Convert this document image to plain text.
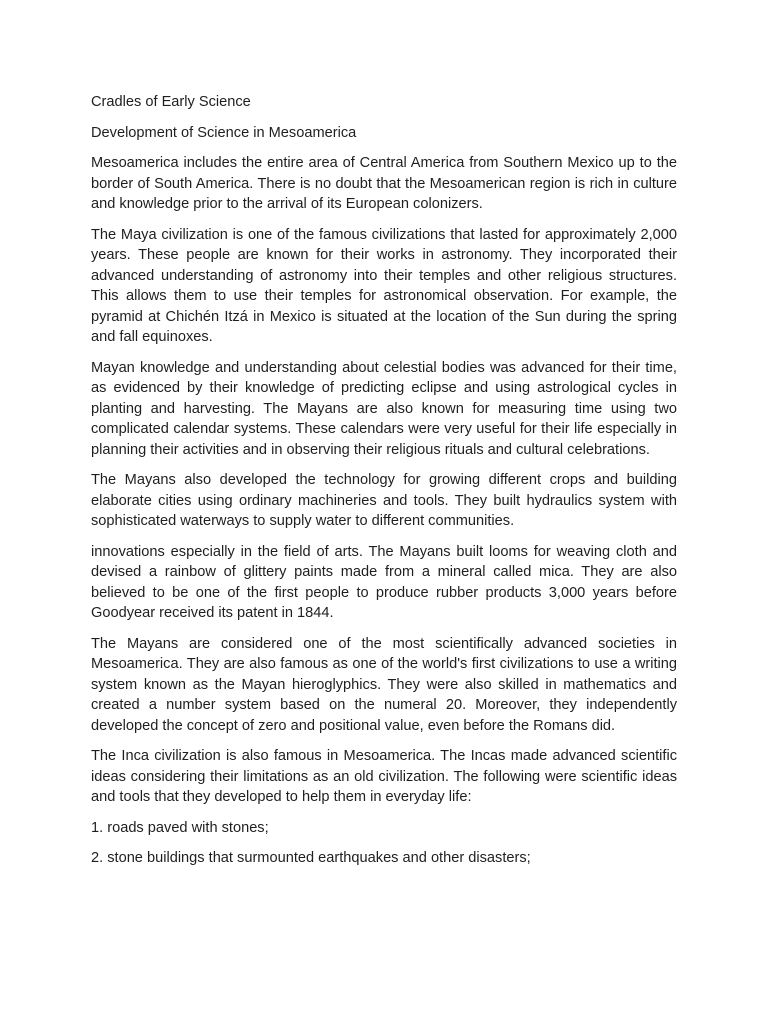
Cradles of Early Science

Development of Science in Mesoamerica

Mesoamerica includes the entire area of Central America from Southern Mexico up to the border of South America. There is no doubt that the Mesoamerican region is rich in culture and knowledge prior to the arrival of its European colonizers.

The Maya civilization is one of the famous civilizations that lasted for approximately 2,000 years. These people are known for their works in astronomy. They incorporated their advanced understanding of astronomy into their temples and other religious structures. This allows them to use their temples for astronomical observation. For example, the pyramid at Chichén Itzá in Mexico is situated at the location of the Sun during the spring and fall equinoxes.

Mayan knowledge and understanding about celestial bodies was advanced for their time, as evidenced by their knowledge of predicting eclipse and using astrological cycles in planting and harvesting. The Mayans are also known for measuring time using two complicated calendar systems. These calendars were very useful for their life especially in planning their activities and in observing their religious rituals and cultural celebrations.

The Mayans also developed the technology for growing different crops and building elaborate cities using ordinary machineries and tools. They built hydraulics system with sophisticated waterways to supply water to different communities.

innovations especially in the field of arts. The Mayans built looms for weaving cloth and devised a rainbow of glittery paints made from a mineral called mica. They are also believed to be one of the first people to produce rubber products 3,000 years before Goodyear received its patent in 1844.

The Mayans are considered one of the most scientifically advanced societies in Mesoamerica. They are also famous as one of the world's first civilizations to use a writing system known as the Mayan hieroglyphics. They were also skilled in mathematics and created a number system based on the numeral 20. Moreover, they independently developed the concept of zero and positional value, even before the Romans did.

The Inca civilization is also famous in Mesoamerica. The Incas made advanced scientific ideas considering their limitations as an old civilization. The following were scientific ideas and tools that they developed to help them in everyday life:

1. roads paved with stones;

2. stone buildings that surmounted earthquakes and other disasters;
